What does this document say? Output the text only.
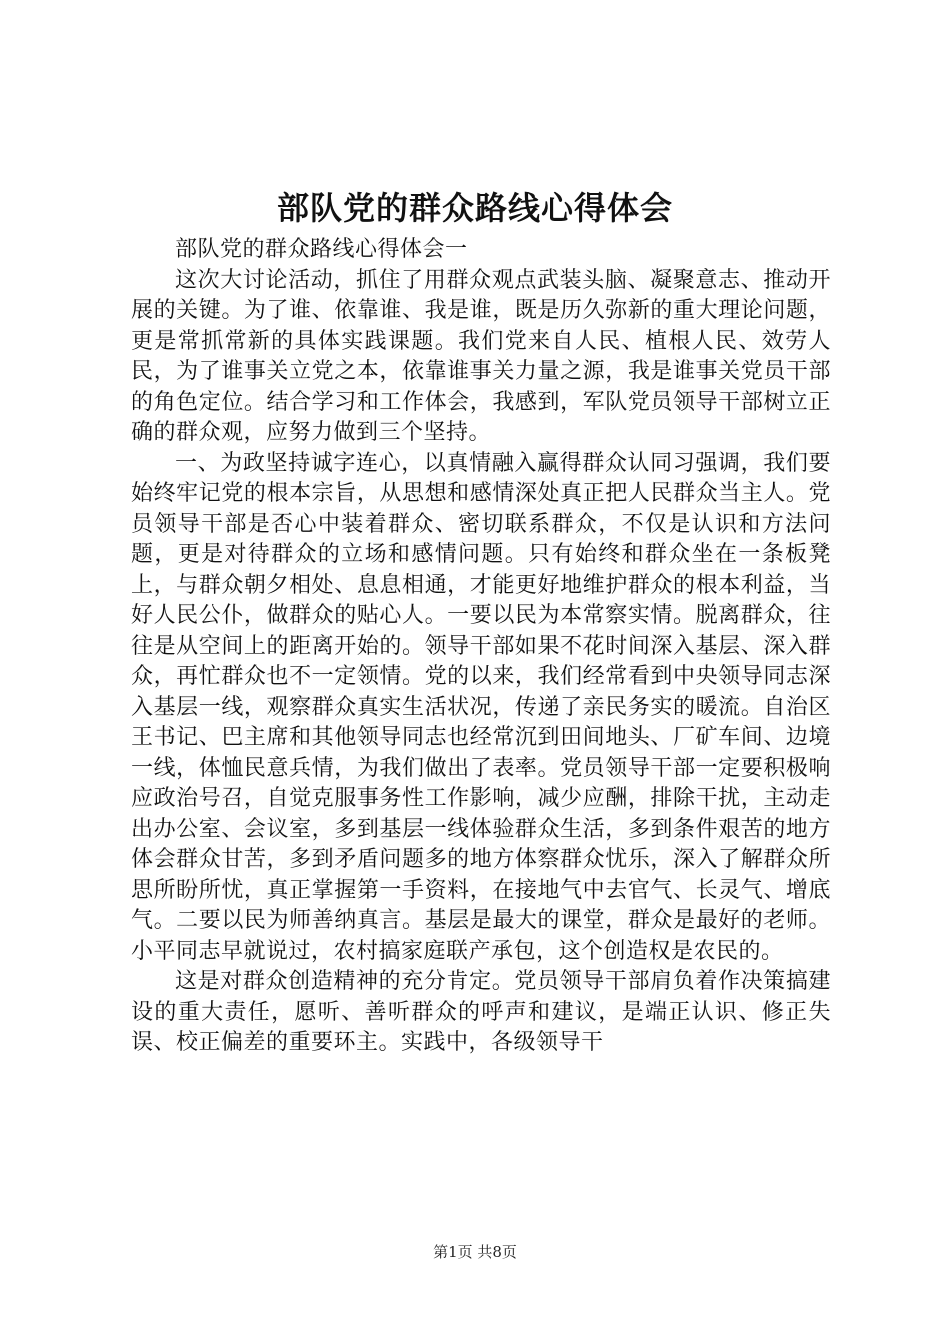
部队党的群众路线心得体会

部队党的群众路线心得体会一

这次大讨论活动，抓住了用群众观点武装头脑、凝聚意志、推动开展的关键。为了谁、依靠谁、我是谁，既是历久弥新的重大理论问题，更是常抓常新的具体实践课题。我们党来自人民、植根人民、效劳人民，为了谁事关立党之本，依靠谁事关力量之源，我是谁事关党员干部的角色定位。结合学习和工作体会，我感到，军队党员领导干部树立正确的群众观，应努力做到三个坚持。

一、为政坚持诚字连心，以真情融入赢得群众认同习强调，我们要始终牢记党的根本宗旨，从思想和感情深处真正把人民群众当主人。党员领导干部是否心中装着群众、密切联系群众，不仅是认识和方法问题，更是对待群众的立场和感情问题。只有始终和群众坐在一条板凳上，与群众朝夕相处、息息相通，才能更好地维护群众的根本利益，当好人民公仆，做群众的贴心人。一要以民为本常察实情。脱离群众，往往是从空间上的距离开始的。领导干部如果不花时间深入基层、深入群众，再忙群众也不一定领情。党的以来，我们经常看到中央领导同志深入基层一线，观察群众真实生活状况，传递了亲民务实的暖流。自治区王书记、巴主席和其他领导同志也经常沉到田间地头、厂矿车间、边境一线，体恤民意兵情，为我们做出了表率。党员领导干部一定要积极响应政治号召，自觉克服事务性工作影响，减少应酬，排除干扰，主动走出办公室、会议室，多到基层一线体验群众生活，多到条件艰苦的地方体会群众甘苦，多到矛盾问题多的地方体察群众忧乐，深入了解群众所思所盼所忧，真正掌握第一手资料，在接地气中去官气、长灵气、增底气。二要以民为师善纳真言。基层是最大的课堂，群众是最好的老师。小平同志早就说过，农村搞家庭联产承包，这个创造权是农民的。

这是对群众创造精神的充分肯定。党员领导干部肩负着作决策搞建设的重大责任，愿听、善听群众的呼声和建议，是端正认识、修正失误、校正偏差的重要环主。实践中，各级领导干

第1页 共8页
